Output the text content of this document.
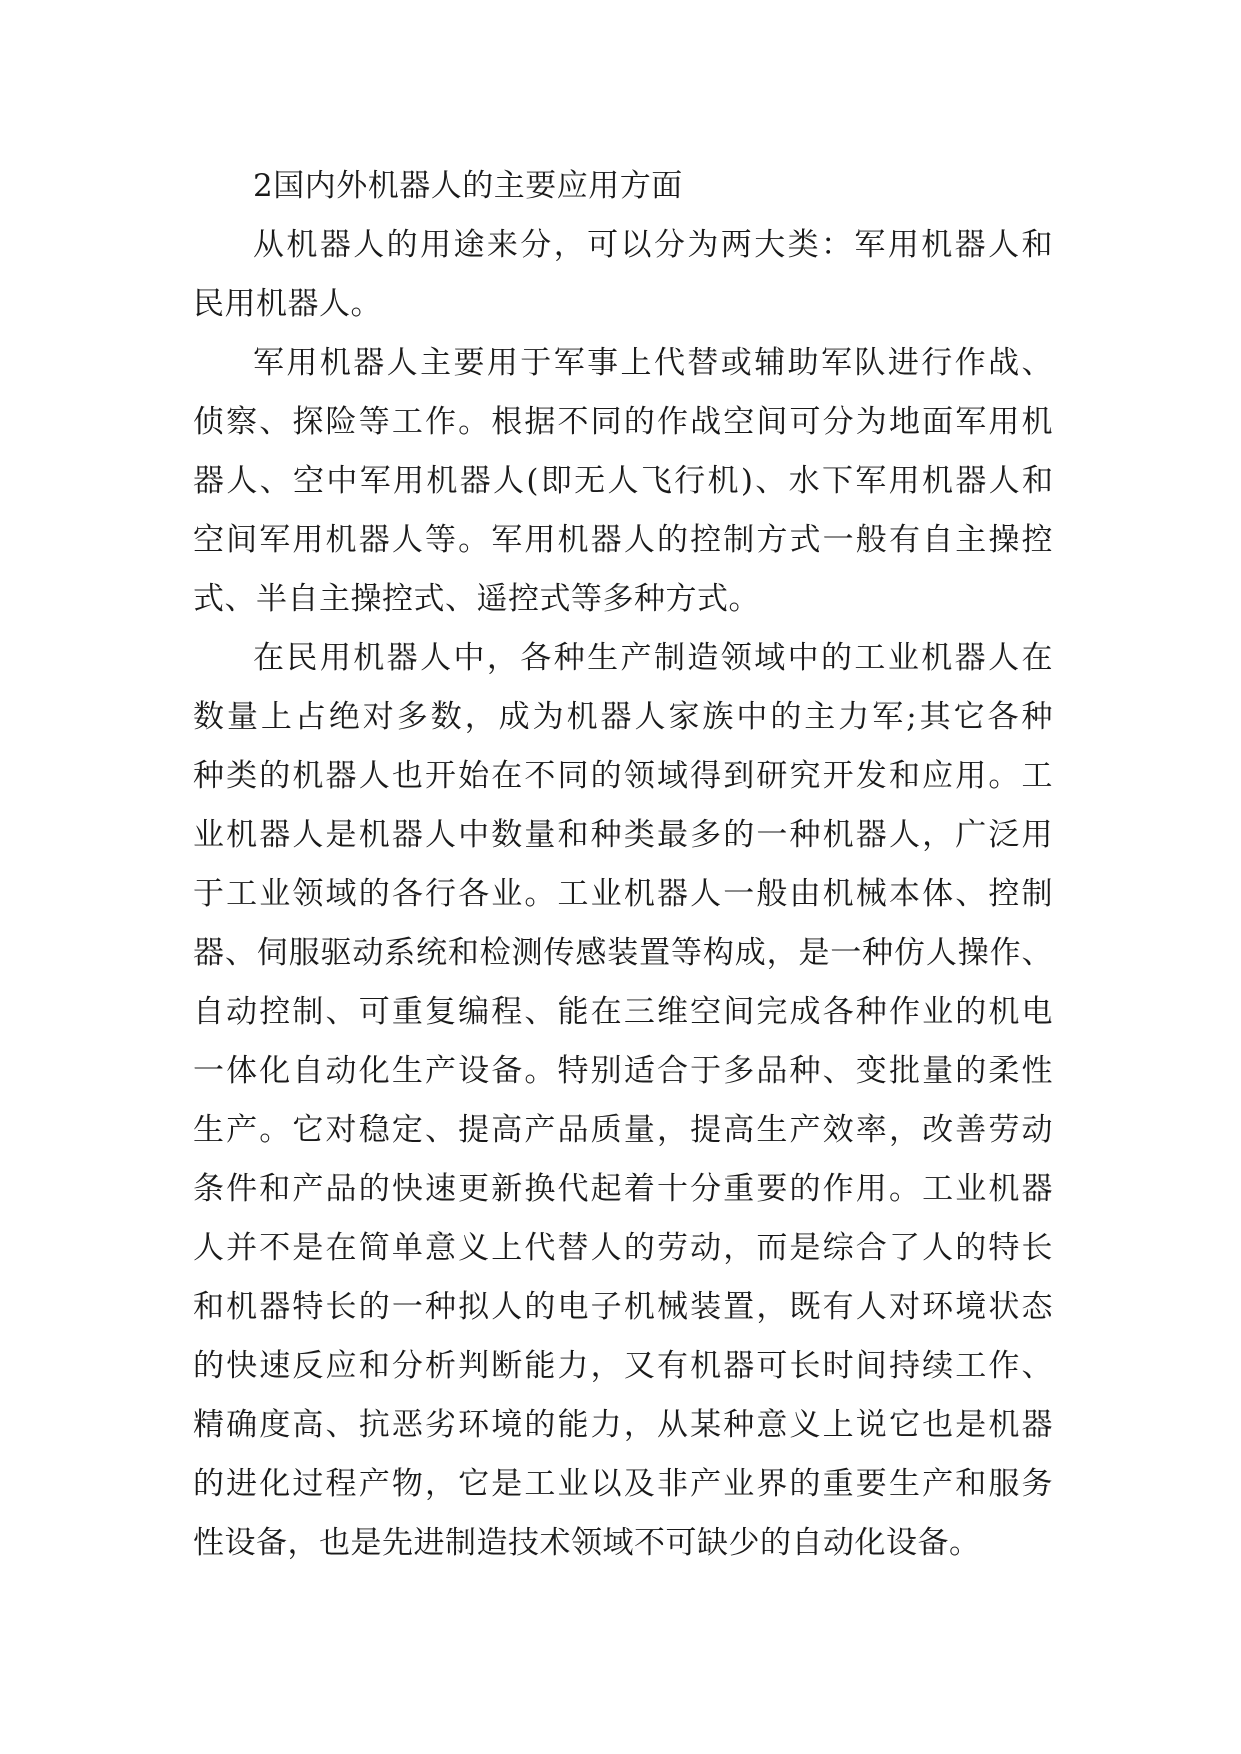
2国内外机器人的主要应用方面
从机器人的用途来分，可以分为两大类：军用机器人和
民用机器人。
军用机器人主要用于军事上代替或辅助军队进行作战、
侦察、探险等工作。根据不同的作战空间可分为地面军用机
器人、空中军用机器人(即无人飞行机)、水下军用机器人和
空间军用机器人等。军用机器人的控制方式一般有自主操控
式、半自主操控式、遥控式等多种方式。
在民用机器人中，各种生产制造领域中的工业机器人在
数量上占绝对多数，成为机器人家族中的主力军;其它各种
种类的机器人也开始在不同的领域得到研究开发和应用。工
业机器人是机器人中数量和种类最多的一种机器人，广泛用
于工业领域的各行各业。工业机器人一般由机械本体、控制
器、伺服驱动系统和检测传感装置等构成，是一种仿人操作、
自动控制、可重复编程、能在三维空间完成各种作业的机电
一体化自动化生产设备。特别适合于多品种、变批量的柔性
生产。它对稳定、提高产品质量，提高生产效率，改善劳动
条件和产品的快速更新换代起着十分重要的作用。工业机器
人并不是在简单意义上代替人的劳动，而是综合了人的特长
和机器特长的一种拟人的电子机械装置，既有人对环境状态
的快速反应和分析判断能力，又有机器可长时间持续工作、
精确度高、抗恶劣环境的能力，从某种意义上说它也是机器
的进化过程产物，它是工业以及非产业界的重要生产和服务
性设备，也是先进制造技术领域不可缺少的自动化设备。
